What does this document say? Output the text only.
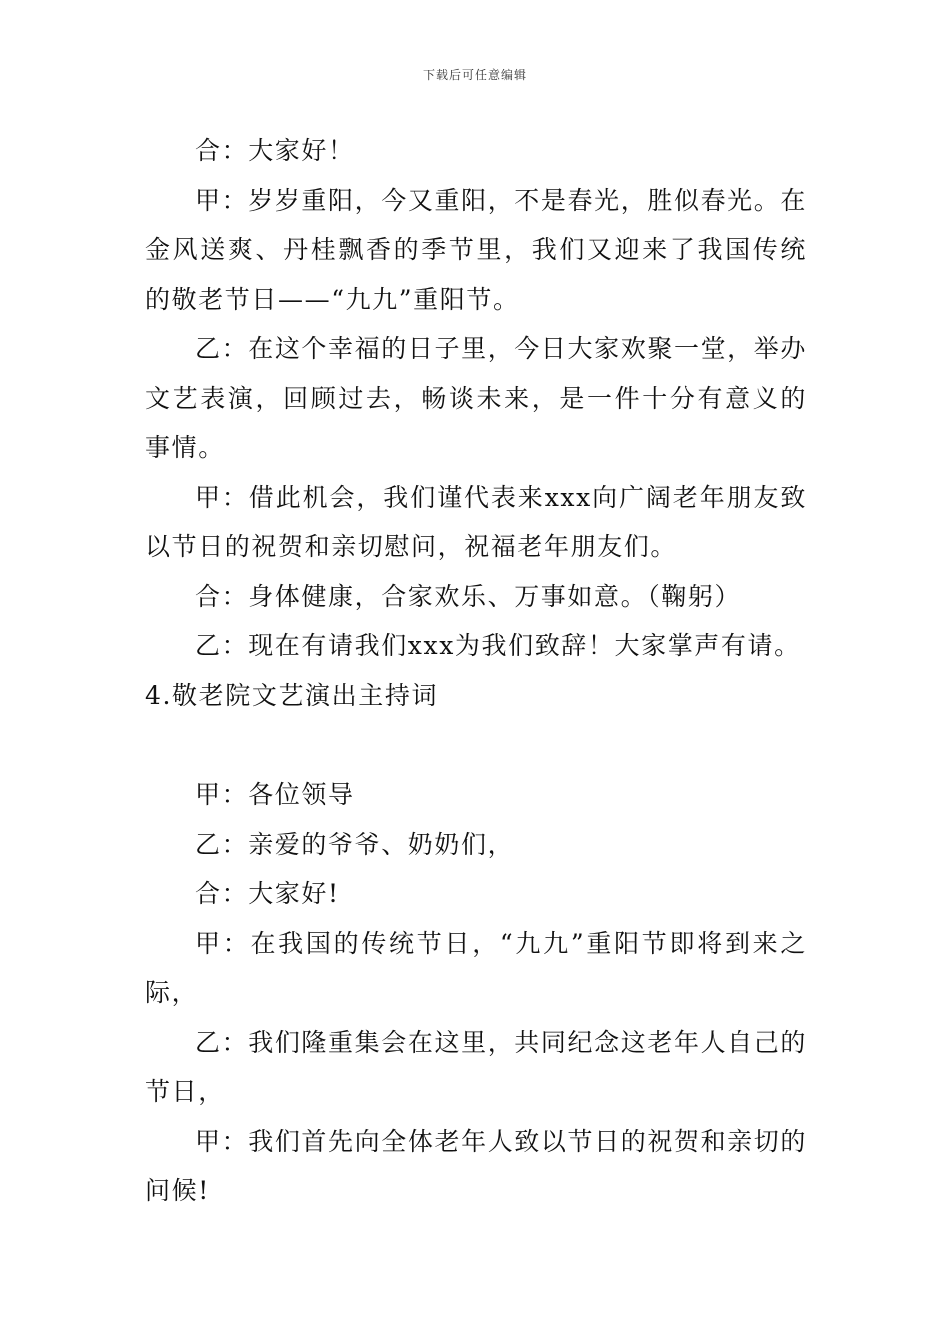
下载后可任意编辑

合：大家好！

甲：岁岁重阳，今又重阳，不是春光，胜似春光。在金风送爽、丹桂飘香的季节里，我们又迎来了我国传统的敬老节日——“九九”重阳节。

乙：在这个幸福的日子里，今日大家欢聚一堂，举办文艺表演，回顾过去，畅谈未来，是一件十分有意义的事情。

甲：借此机会，我们谨代表来xxx向广阔老年朋友致以节日的祝贺和亲切慰问，祝福老年朋友们。

合：身体健康，合家欢乐、万事如意。（鞠躬）

乙：现在有请我们xxx为我们致辞！大家掌声有请。

4.敬老院文艺演出主持词

甲：各位领导

乙：亲爱的爷爷、奶奶们，

合：大家好!

甲：在我国的传统节日，“九九”重阳节即将到来之际，

乙：我们隆重集会在这里，共同纪念这老年人自己的节日，

甲：我们首先向全体老年人致以节日的祝贺和亲切的问候!
